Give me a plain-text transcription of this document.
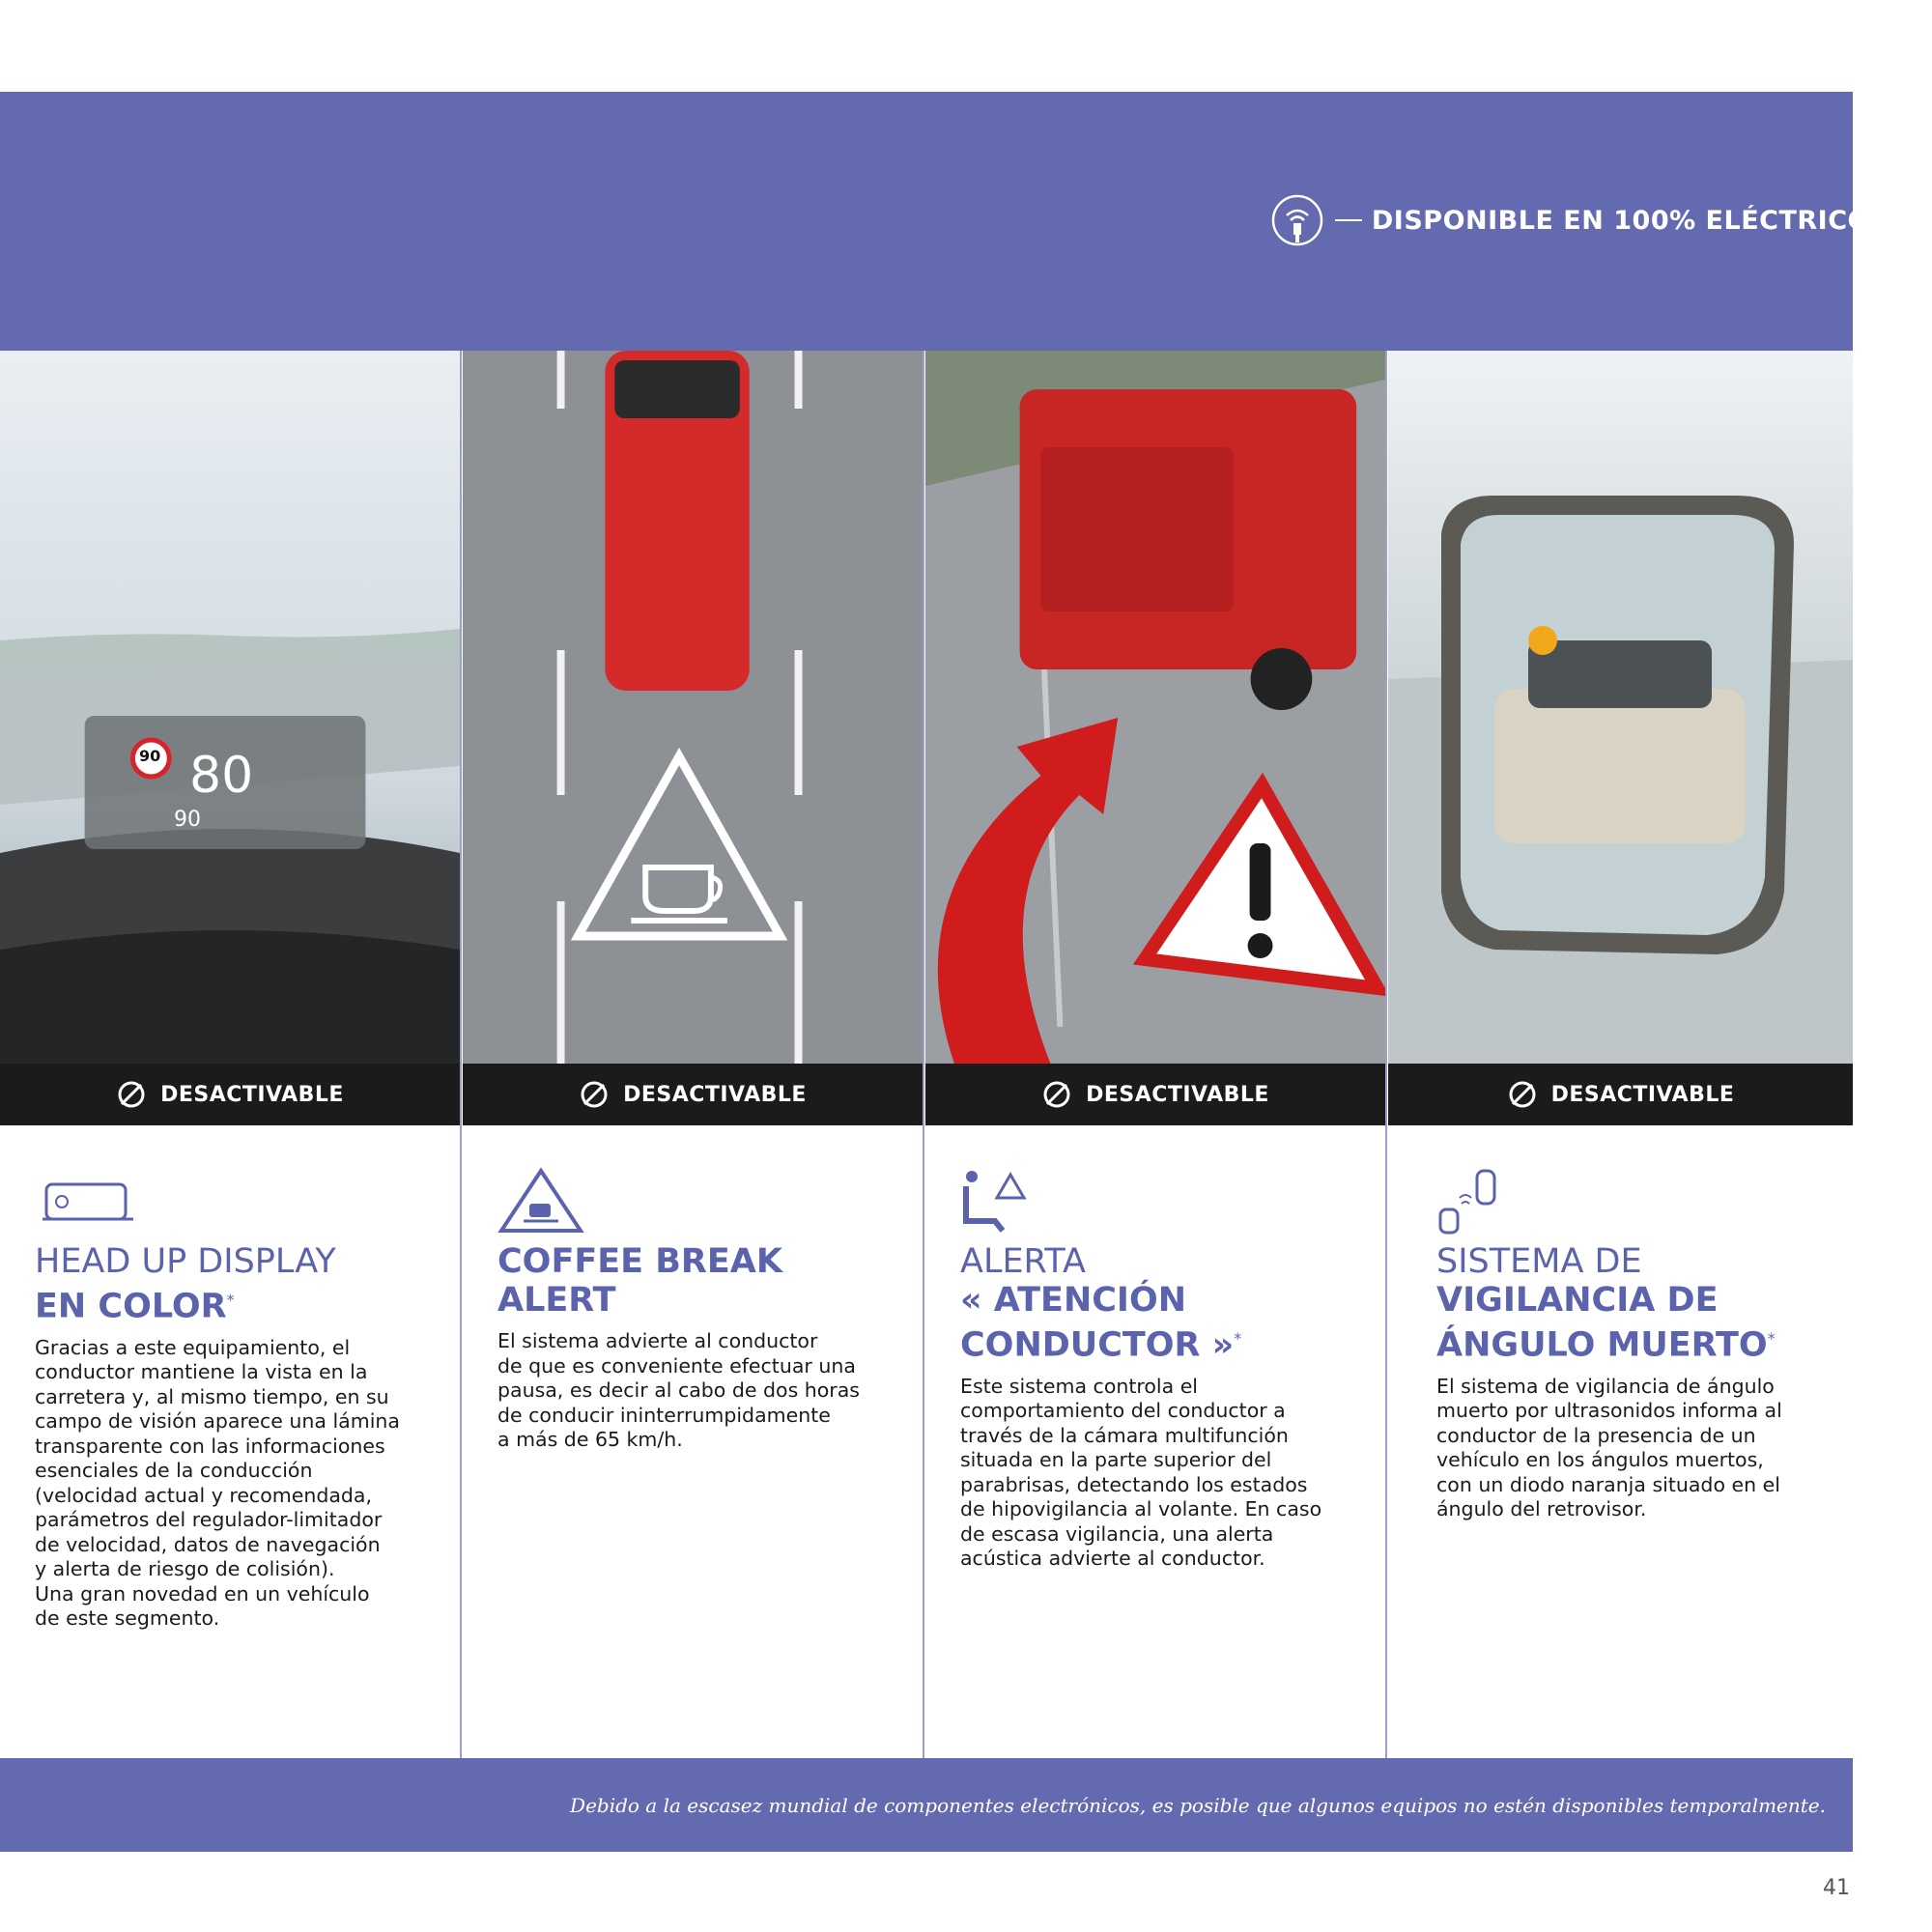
DISPONIBLE EN 100% ELÉCTRICO
90 80
90
DESACTIVABLE
HEAD UP DISPLAY
EN COLOR*

Gracias a este equipamiento, el
conductor mantiene la vista en la
carretera y, al mismo tiempo, en su
campo de visión aparece una lámina
transparente con las informaciones
esenciales de la conducción
(velocidad actual y recomendada,
parámetros del regulador-limitador
de velocidad, datos de navegación
y alerta de riesgo de colisión).
Una gran novedad en un vehículo
de este segmento.

DESACTIVABLE
COFFEE BREAK ALERT

El sistema advierte al conductor
de que es conveniente efectuar una
pausa, es decir al cabo de dos horas
de conducir ininterrumpidamente
a más de 65 km/h.

DESACTIVABLE
ALERTA
« ATENCIÓN CONDUCTOR »*

Este sistema controla el
comportamiento del conductor a
través de la cámara multifunción
situada en la parte superior del
parabrisas, detectando los estados
de hipovigilancia al volante. En caso
de escasa vigilancia, una alerta
acústica advierte al conductor.

DESACTIVABLE
SISTEMA DE VIGILANCIA DE ÁNGULO MUERTO*

El sistema de vigilancia de ángulo
muerto por ultrasonidos informa al
conductor de la presencia de un
vehículo en los ángulos muertos,
con un diodo naranja situado en el
ángulo del retrovisor.

Debido a la escasez mundial de componentes electrónicos, es posible que algunos equipos no estén disponibles temporalmente.
41
